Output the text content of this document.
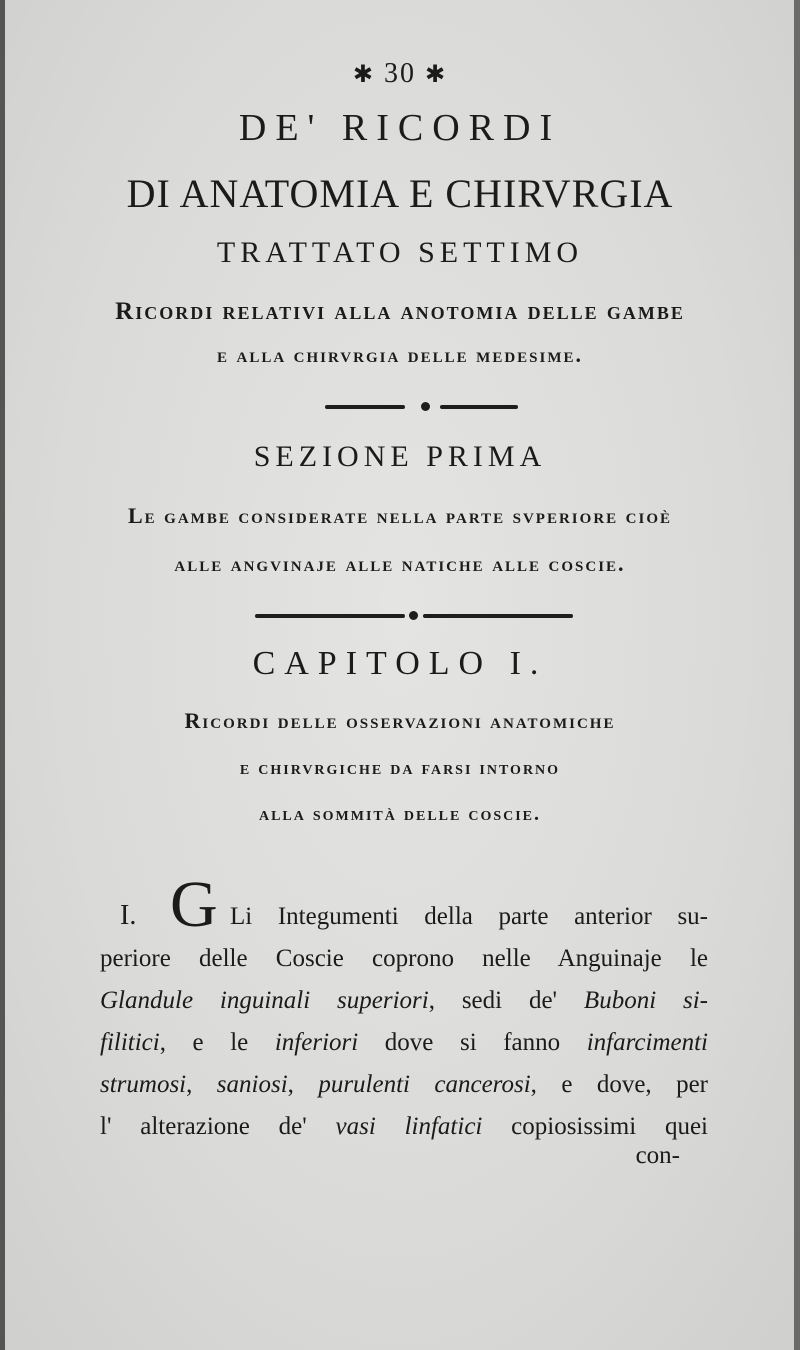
✱ 30 ✱
DE' RICORDI
DI ANATOMIA E CHIRVRGIA
TRATTATO SETTIMO
Ricordi relativi alla anotomia delle gambe
e alla chirvrgia delle medesime.
SEZIONE PRIMA
Le gambe considerate nella parte svperiore cioè
alle angvinaje alle natiche alle coscie.
CAPITOLO I.
Ricordi delle osservazioni anatomiche
e chirvrgiche da farsi intorno
alla sommità delle coscie.
I. G Li Integumenti della parte anterior su-
periore delle Coscie coprono nelle Anguinaje le
Glandule inguinali superiori, sedi de' Buboni si-
filitici, e le inferiori dove si fanno infarcimenti
strumosi, saniosi, purulenti cancerosi, e dove, per
l' alterazione de' vasi linfatici copiosissimi quei
con-
